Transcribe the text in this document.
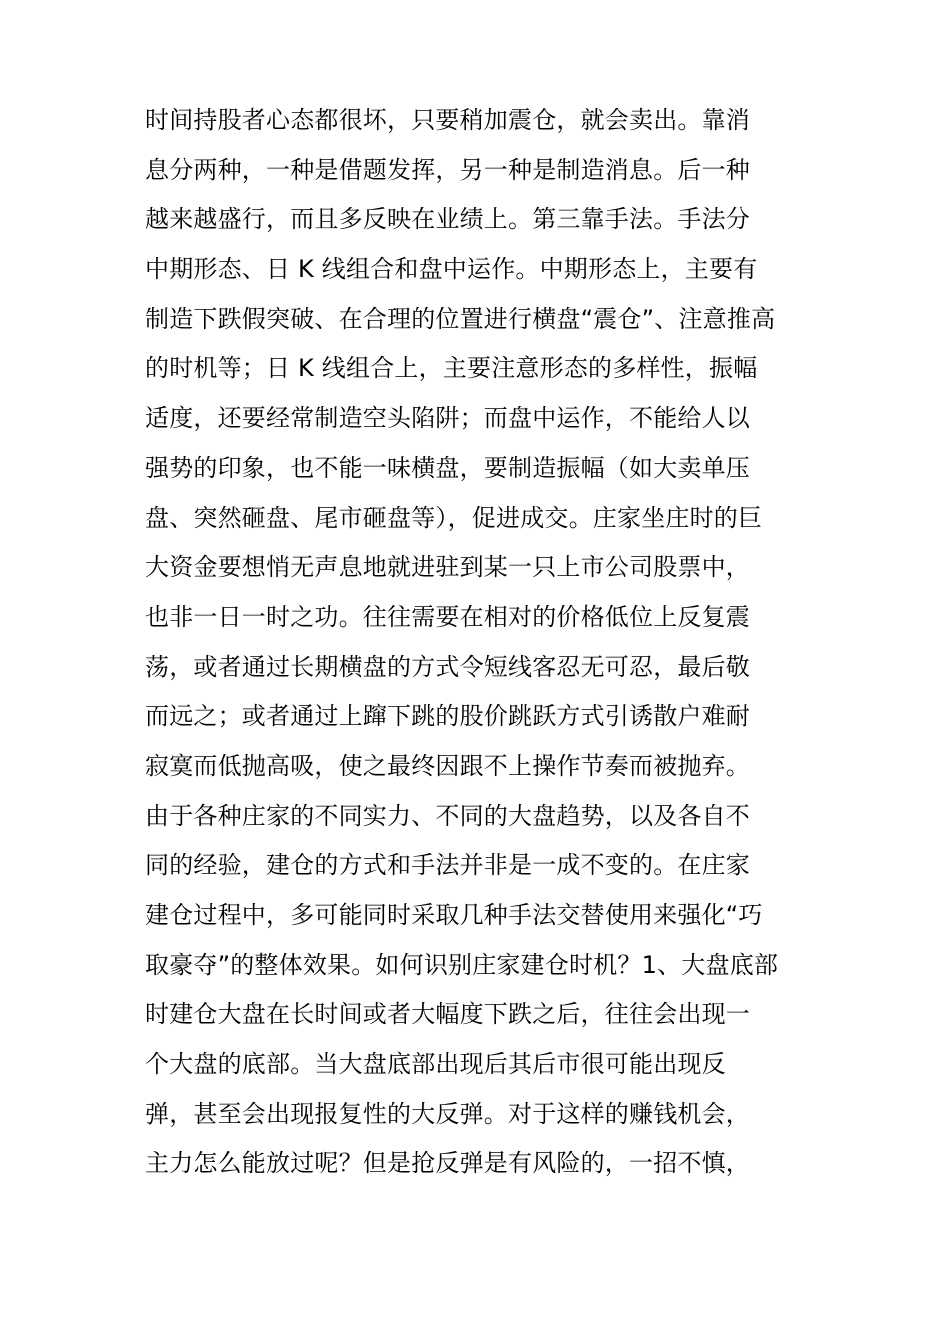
时间持股者心态都很坏，只要稍加震仓，就会卖出。靠消
息分两种，一种是借题发挥，另一种是制造消息。后一种
越来越盛行，而且多反映在业绩上。第三靠手法。手法分
中期形态、日 K 线组合和盘中运作。中期形态上，主要有
制造下跌假突破、在合理的位置进行横盘“震仓”、注意推高
的时机等；日 K 线组合上，主要注意形态的多样性，振幅
适度，还要经常制造空头陷阱；而盘中运作，不能给人以
强势的印象，也不能一味横盘，要制造振幅（如大卖单压
盘、突然砸盘、尾市砸盘等），促进成交。庄家坐庄时的巨
大资金要想悄无声息地就进驻到某一只上市公司股票中，
也非一日一时之功。往往需要在相对的价格低位上反复震
荡，或者通过长期横盘的方式令短线客忍无可忍，最后敬
而远之；或者通过上蹿下跳的股价跳跃方式引诱散户难耐
寂寞而低抛高吸，使之最终因跟不上操作节奏而被抛弃。
由于各种庄家的不同实力、不同的大盘趋势，以及各自不
同的经验，建仓的方式和手法并非是一成不变的。在庄家
建仓过程中，多可能同时采取几种手法交替使用来强化“巧
取豪夺”的整体效果。如何识别庄家建仓时机？1、大盘底部
时建仓大盘在长时间或者大幅度下跌之后，往往会出现一
个大盘的底部。当大盘底部出现后其后市很可能出现反
弹，甚至会出现报复性的大反弹。对于这样的赚钱机会，
主力怎么能放过呢？但是抢反弹是有风险的，一招不慎，
